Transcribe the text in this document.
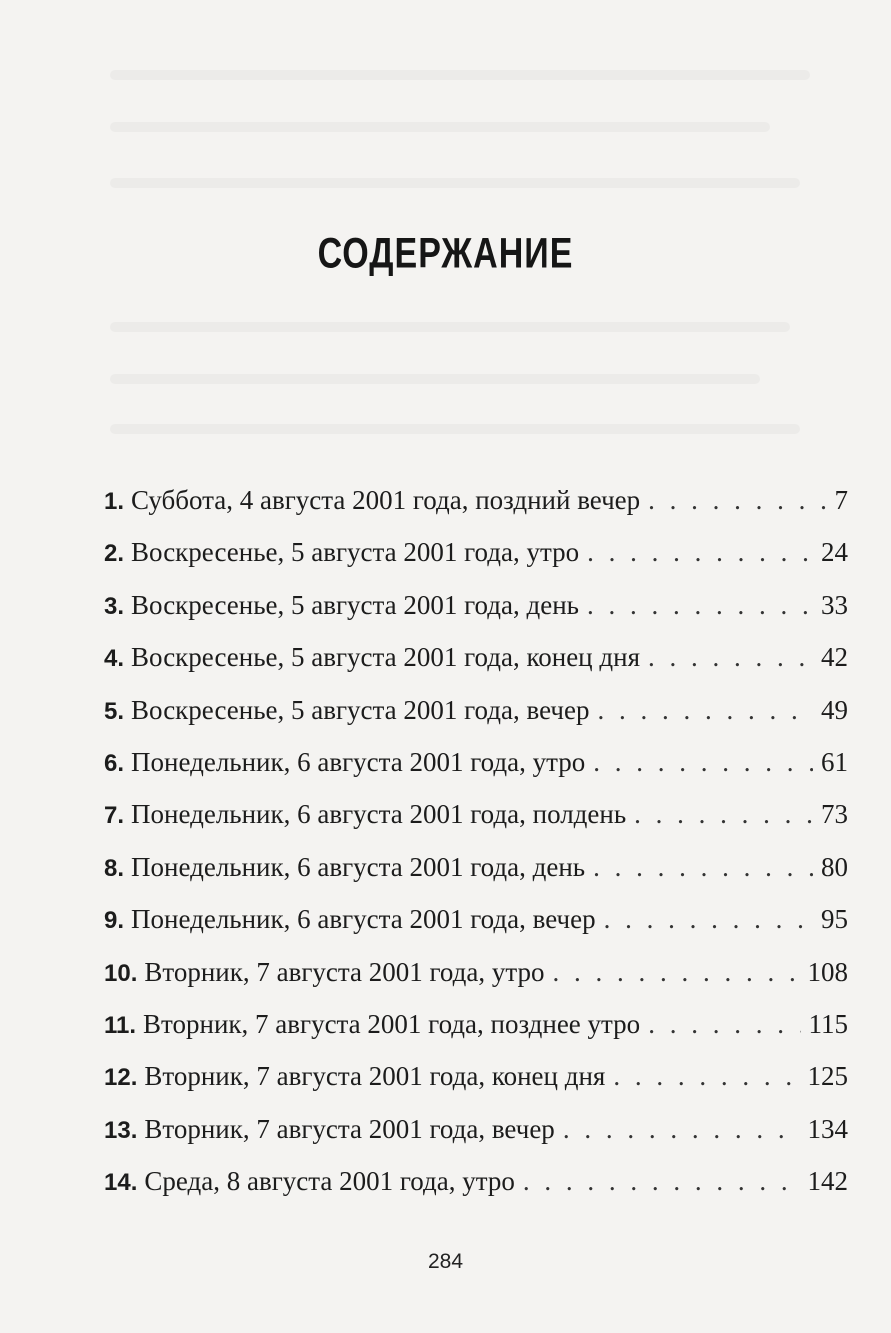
СОДЕРЖАНИЕ
1. Суббота, 4 августа 2001 года, поздний вечер . . .	7
2. Воскресенье, 5 августа 2001 года, утро . . .	24
3. Воскресенье, 5 августа 2001 года, день . . .	33
4. Воскресенье, 5 августа 2001 года, конец дня . . .	42
5. Воскресенье, 5 августа 2001 года, вечер . . .	49
6. Понедельник, 6 августа 2001 года, утро . . .	61
7. Понедельник, 6 августа 2001 года, полдень . . .	73
8. Понедельник, 6 августа 2001 года, день . . .	80
9. Понедельник, 6 августа 2001 года, вечер . . .	95
10. Вторник, 7 августа 2001 года, утро . . .	108
11. Вторник, 7 августа 2001 года, позднее утро . . .	115
12. Вторник, 7 августа 2001 года, конец дня . . .	125
13. Вторник, 7 августа 2001 года, вечер . . .	134
14. Среда, 8 августа 2001 года, утро . . .	142
284
